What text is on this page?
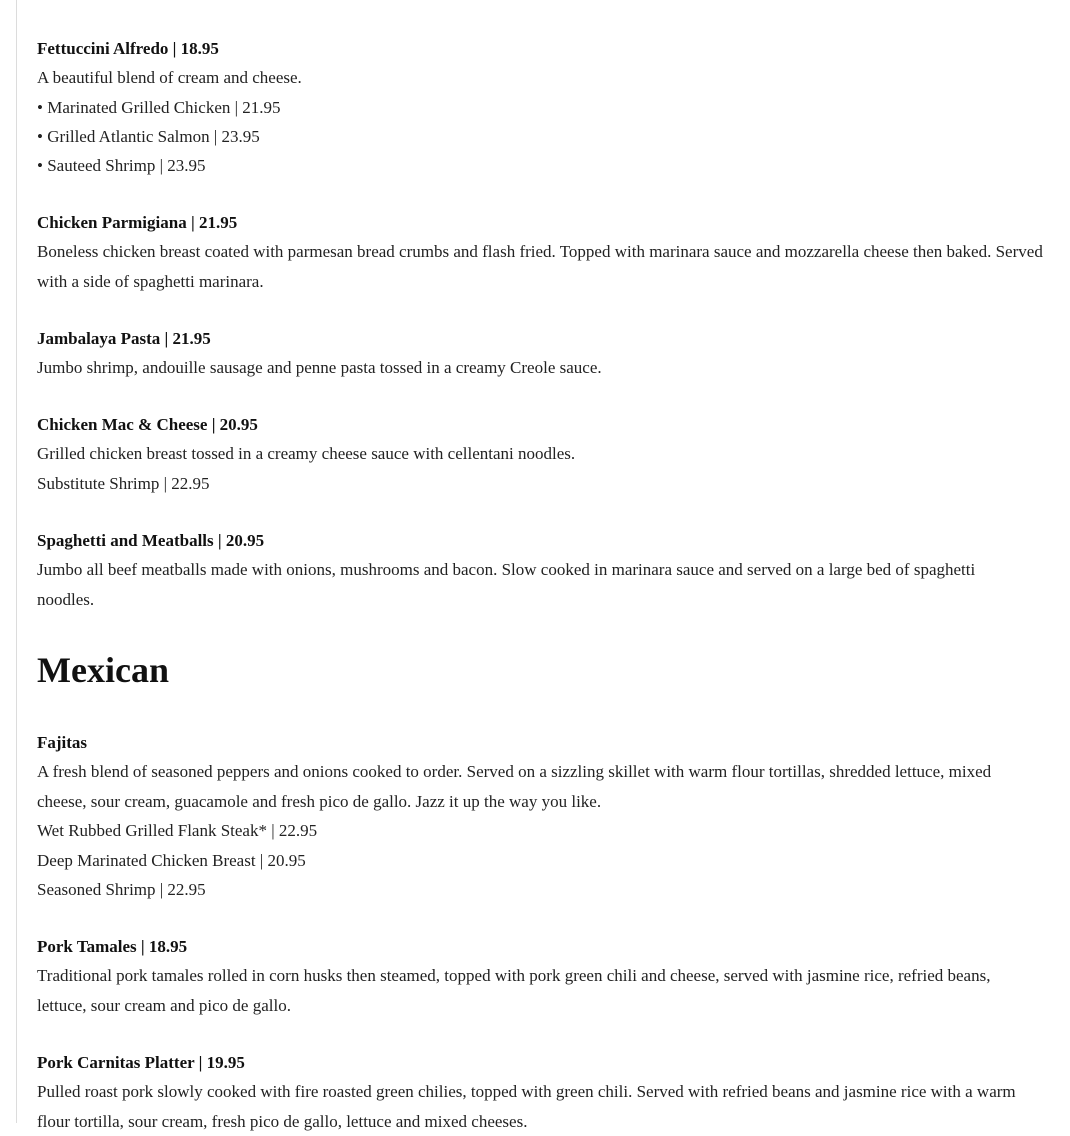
Fettuccini Alfredo | 18.95
A beautiful blend of cream and cheese.
• Marinated Grilled Chicken | 21.95
• Grilled Atlantic Salmon | 23.95
• Sauteed Shrimp | 23.95
Chicken Parmigiana | 21.95
Boneless chicken breast coated with parmesan bread crumbs and flash fried. Topped with marinara sauce and mozzarella cheese then baked. Served with a side of spaghetti marinara.
Jambalaya Pasta | 21.95
Jumbo shrimp, andouille sausage and penne pasta tossed in a creamy Creole sauce.
Chicken Mac & Cheese | 20.95
Grilled chicken breast tossed in a creamy cheese sauce with cellentani noodles.
Substitute Shrimp | 22.95
Spaghetti and Meatballs | 20.95
Jumbo all beef meatballs made with onions, mushrooms and bacon. Slow cooked in marinara sauce and served on a large bed of spaghetti noodles.
Mexican
Fajitas
A fresh blend of seasoned peppers and onions cooked to order. Served on a sizzling skillet with warm flour tortillas, shredded lettuce, mixed cheese, sour cream, guacamole and fresh pico de gallo. Jazz it up the way you like.
Wet Rubbed Grilled Flank Steak* | 22.95
Deep Marinated Chicken Breast | 20.95
Seasoned Shrimp | 22.95
Pork Tamales | 18.95
Traditional pork tamales rolled in corn husks then steamed, topped with pork green chili and cheese, served with jasmine rice, refried beans, lettuce, sour cream and pico de gallo.
Pork Carnitas Platter | 19.95
Pulled roast pork slowly cooked with fire roasted green chilies, topped with green chili. Served with refried beans and jasmine rice with a warm flour tortilla, sour cream, fresh pico de gallo, lettuce and mixed cheeses.
